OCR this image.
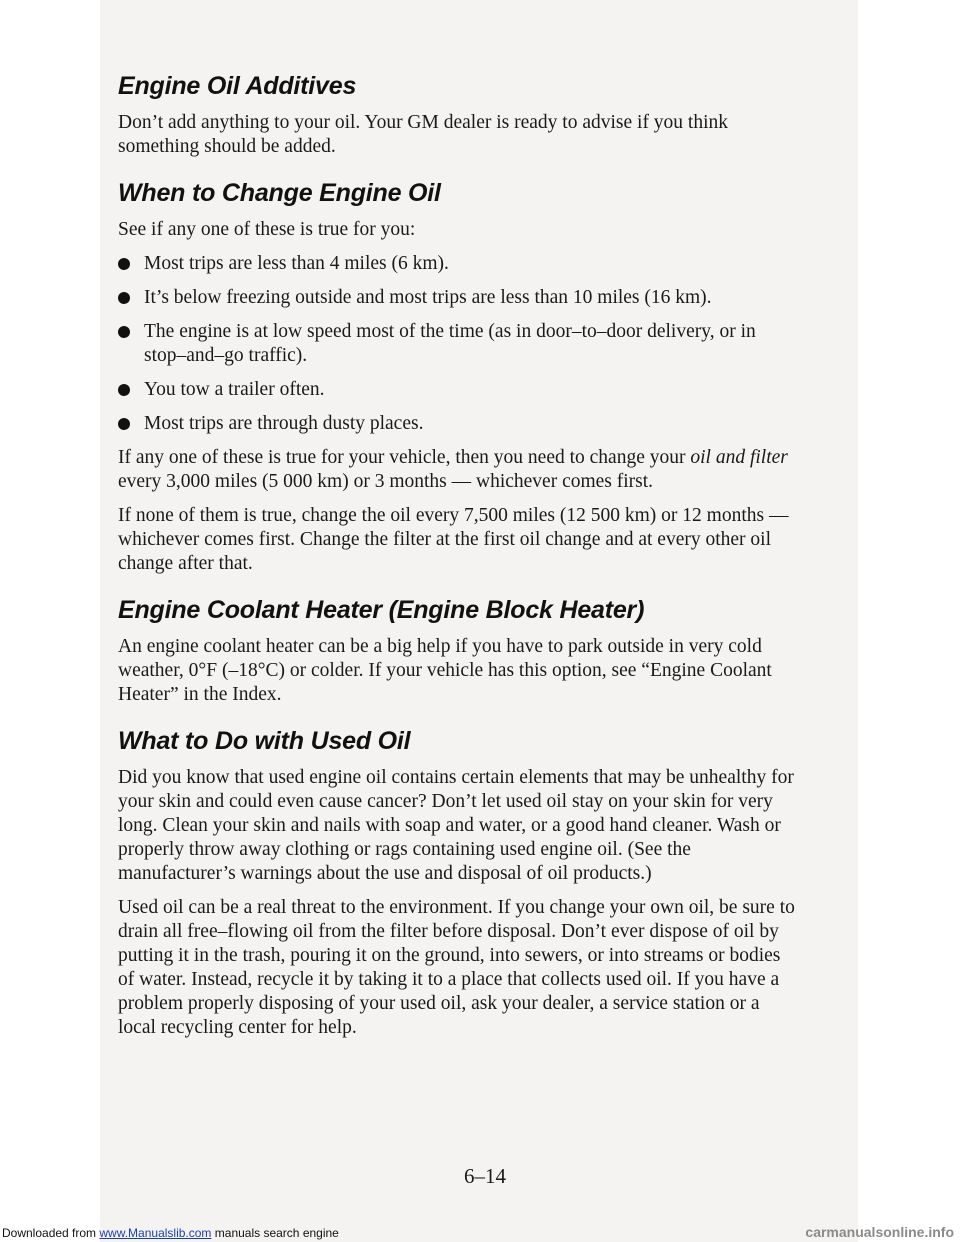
Engine Oil Additives

Don’t add anything to your oil. Your GM dealer is ready to advise if you think something should be added.

When to Change Engine Oil

See if any one of these is true for you:

Most trips are less than 4 miles (6 km).
It’s below freezing outside and most trips are less than 10 miles (16 km).
The engine is at low speed most of the time (as in door–to–door delivery, or in stop–and–go traffic).
You tow a trailer often.
Most trips are through dusty places.

If any one of these is true for your vehicle, then you need to change your oil and filter every 3,000 miles (5 000 km) or 3 months — whichever comes first.

If none of them is true, change the oil every 7,500 miles (12 500 km) or 12 months — whichever comes first. Change the filter at the first oil change and at every other oil change after that.

Engine Coolant Heater (Engine Block Heater)

An engine coolant heater can be a big help if you have to park outside in very cold weather, 0°F (–18°C) or colder. If your vehicle has this option, see “Engine Coolant Heater” in the Index.

What to Do with Used Oil

Did you know that used engine oil contains certain elements that may be unhealthy for your skin and could even cause cancer? Don’t let used oil stay on your skin for very long. Clean your skin and nails with soap and water, or a good hand cleaner. Wash or properly throw away clothing or rags containing used engine oil. (See the manufacturer’s warnings about the use and disposal of oil products.)

Used oil can be a real threat to the environment. If you change your own oil, be sure to drain all free–flowing oil from the filter before disposal. Don’t ever dispose of oil by putting it in the trash, pouring it on the ground, into sewers, or into streams or bodies of water. Instead, recycle it by taking it to a place that collects used oil. If you have a problem properly disposing of your used oil, ask your dealer, a service station or a local recycling center for help.

6–14
Downloaded from www.Manualslib.com manuals search engine	carmanualsonline.info
